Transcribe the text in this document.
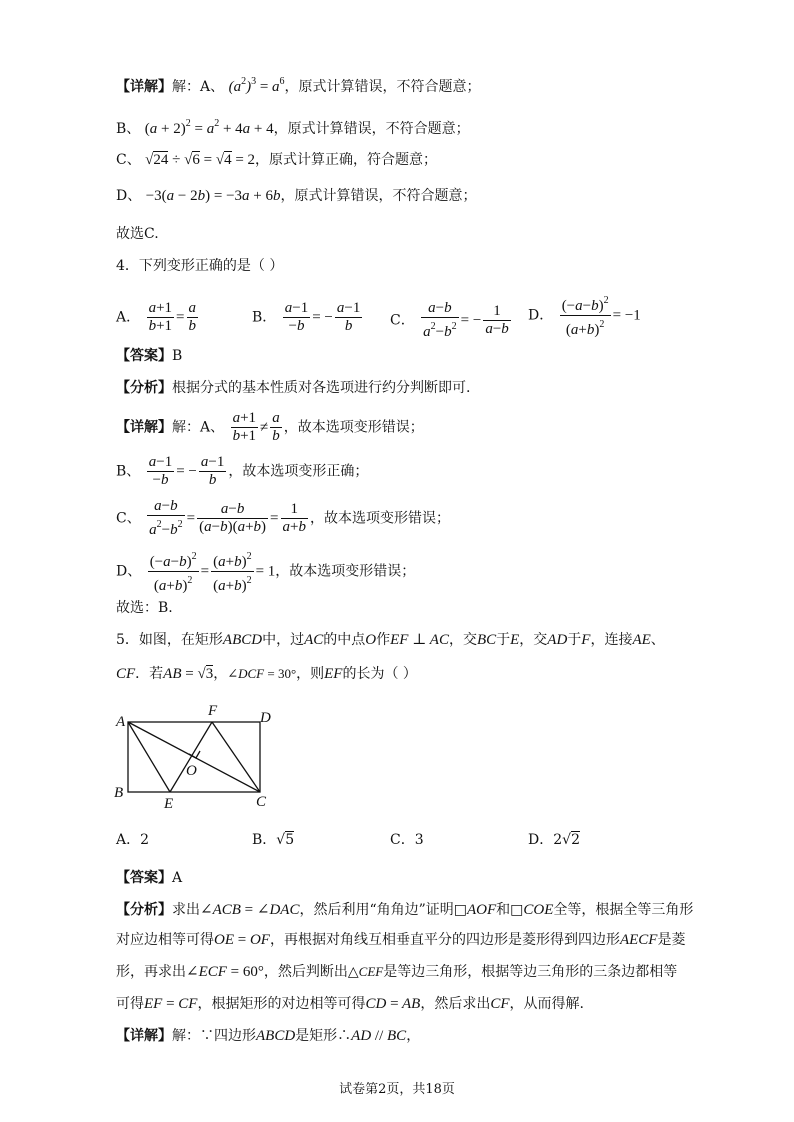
【详解】解：A、 $(a^2)^3 = a^6$，原式计算错误，不符合题意；
B、 $(a + 2)^2 = a^2 + 4a + 4$，原式计算错误，不符合题意；
C、 √24 ÷ √6 = √4 = 2，原式计算正确，符合题意；
D、 −3(a − 2b) = −3a + 6b，原式计算错误，不符合题意；
故选C.
4．下列变形正确的是（ ）
A． $\frac{a+1}{b+1} = \frac{a}{b}$	B． $\frac{a-1}{-b}$ = − $\frac{a-1}{b}$ C． $\frac{a-b}{a^2-b^2}$ = − $\frac{1}{a-b}$ D． $\frac{(-a-b)^2}{(a+b)^2} = -1$
【答案】B
【分析】根据分式的基本性质对各选项进行约分判断即可.
【详解】解：A、 $\frac{a+1}{b+1} \ne \frac{a}{b}$ ，故本选项变形错误；
B、 $\frac{a-1}{-b}$ = − $\frac{a-1}{b}$ ，故本选项变形正确；
C、 $\frac{a-b}{a^2-b^2} = \frac{a-b}{(a-b)(a+b)} = \frac{1}{a+b}$ ，故本选项变形错误；
D、 $\frac{(-a-b)^2}{(a+b)^2} = \frac{(a+b)^2}{(a+b)^2} = 1$，故本选项变形错误；
故选：B.
5．如图，在矩形ABCD中，过AC的中点O作EF ⊥ AC，交BC于E，交AD于F，连接AE、
CF．若AB = √3，∠DCF = 30°，则EF的长为（ ）
A
B
C
D
E
F
O
A．2	B．√5	C．3	D．2√2
【答案】A
【分析】求出∠ACB = ∠DAC，然后利用“角角边”证明□AOF和□COE全等，根据全等三角形
对应边相等可得OE = OF，再根据对角线互相垂直平分的四边形是菱形得到四边形AECF是菱
形，再求出∠ECF = 60°，然后判断出△CEF是等边三角形，根据等边三角形的三条边都相等
可得EF = CF，根据矩形的对边相等可得CD = AB，然后求出CF，从而得解.
【详解】解：∵四边形ABCD是矩形∴AD // BC，
试卷第2页，共18页
